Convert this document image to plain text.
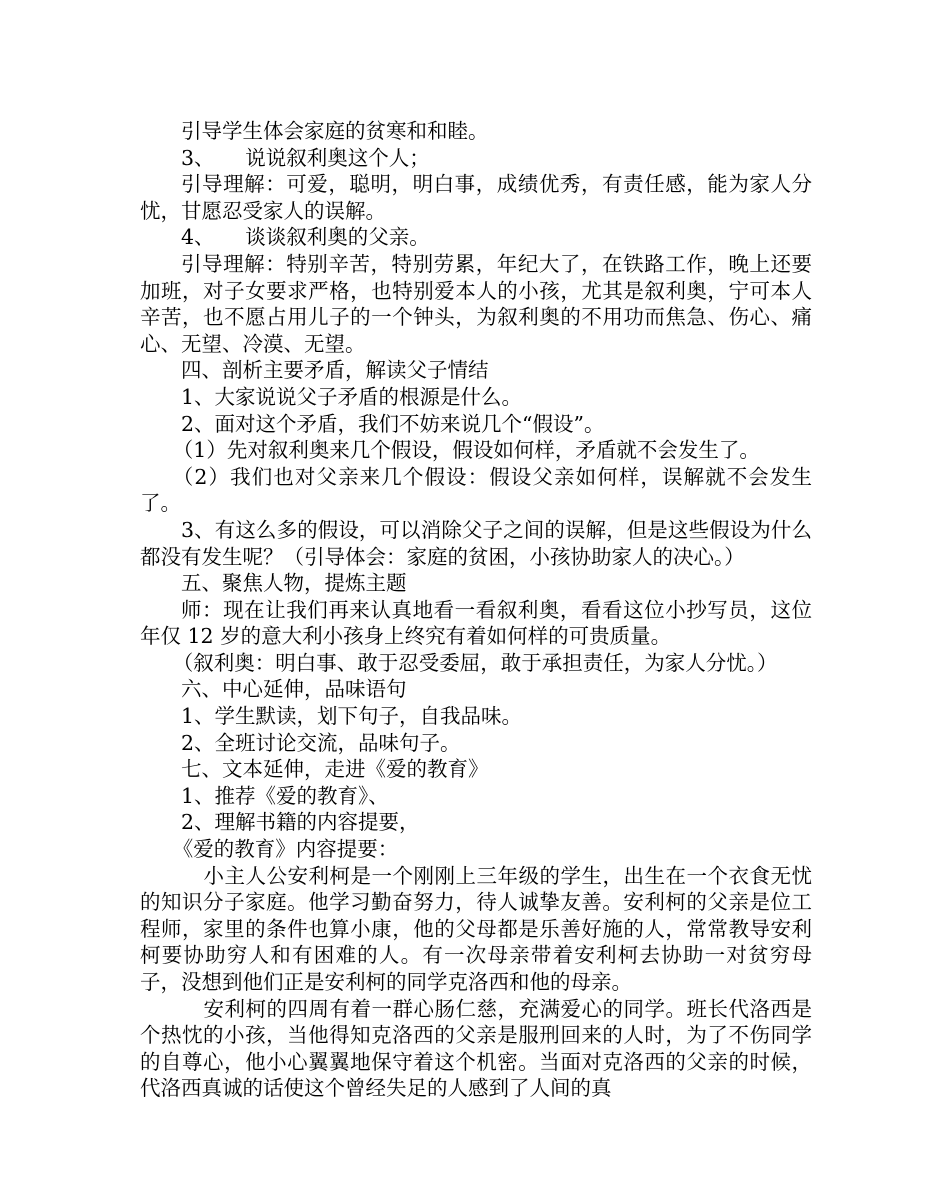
引导学生体会家庭的贫寒和和睦。

3、　　说说叙利奥这个人；

引导理解：可爱，聪明，明白事，成绩优秀，有责任感，能为家人分忧，甘愿忍受家人的误解。

4、　　谈谈叙利奥的父亲。

引导理解：特别辛苦，特别劳累，年纪大了，在铁路工作，晚上还要加班，对子女要求严格，也特别爱本人的小孩，尤其是叙利奥，宁可本人辛苦，也不愿占用儿子的一个钟头，为叙利奥的不用功而焦急、伤心、痛心、无望、冷漠、无望。

四、剖析主要矛盾，解读父子情结

1、大家说说父子矛盾的根源是什么。

2、面对这个矛盾，我们不妨来说几个“假设”。

（1）先对叙利奥来几个假设，假设如何样，矛盾就不会发生了。

（2）我们也对父亲来几个假设：假设父亲如何样，误解就不会发生了。

3、有这么多的假设，可以消除父子之间的误解，但是这些假设为什么都没有发生呢？（引导体会：家庭的贫困，小孩协助家人的决心。）

五、聚焦人物，提炼主题

师：现在让我们再来认真地看一看叙利奥，看看这位小抄写员，这位年仅 12 岁的意大利小孩身上终究有着如何样的可贵质量。

（叙利奥：明白事、敢于忍受委屈，敢于承担责任，为家人分忧。）

六、中心延伸，品味语句

1、学生默读，划下句子，自我品味。

2、全班讨论交流，品味句子。

七、文本延伸，走进《爱的教育》

1、推荐《爱的教育》、

2、理解书籍的内容提要，

《爱的教育》内容提要：

小主人公安利柯是一个刚刚上三年级的学生，出生在一个衣食无忧的知识分子家庭。他学习勤奋努力，待人诚挚友善。安利柯的父亲是位工程师，家里的条件也算小康，他的父母都是乐善好施的人，常常教导安利柯要协助穷人和有困难的人。有一次母亲带着安利柯去协助一对贫穷母子，没想到他们正是安利柯的同学克洛西和他的母亲。

安利柯的四周有着一群心肠仁慈，充满爱心的同学。班长代洛西是个热忱的小孩，当他得知克洛西的父亲是服刑回来的人时，为了不伤同学的自尊心，他小心翼翼地保守着这个机密。当面对克洛西的父亲的时候，代洛西真诚的话使这个曾经失足的人感到了人间的真
